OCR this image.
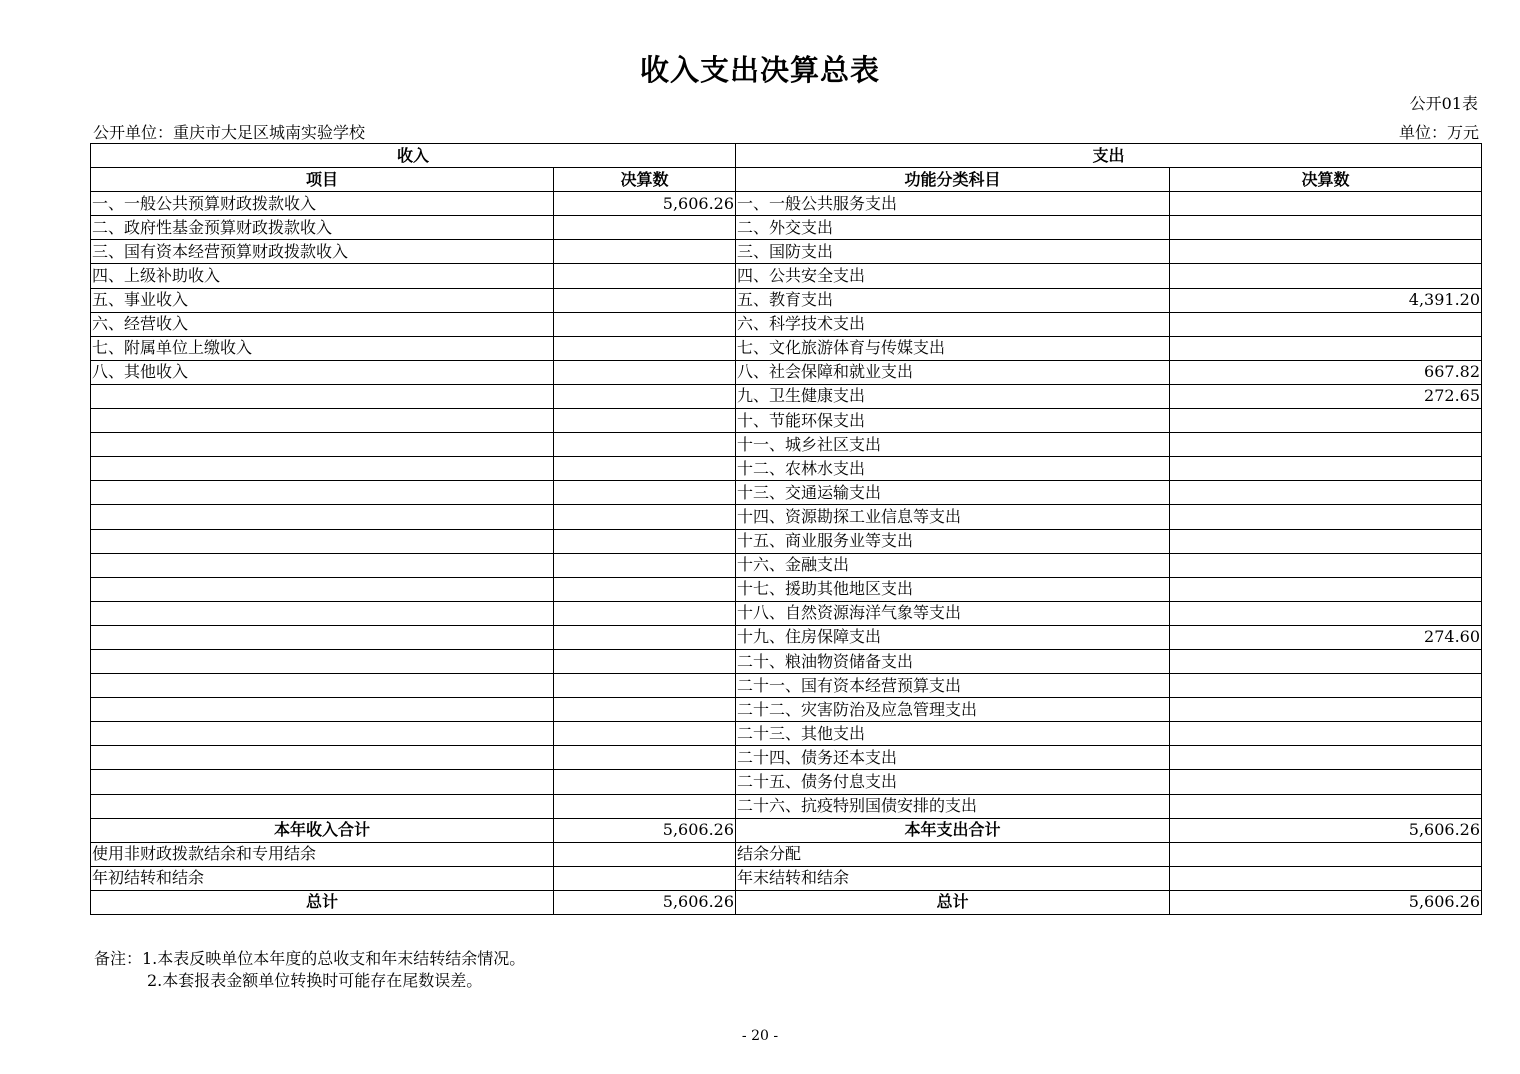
收入支出决算总表
公开01表
公开单位：重庆市大足区城南实验学校	单位：万元
收入		支出	
项目	决算数	功能分类科目	决算数
一、一般公共预算财政拨款收入	5,606.26	一、一般公共服务支出	
二、政府性基金预算财政拨款收入		二、外交支出	
三、国有资本经营预算财政拨款收入		三、国防支出	
四、上级补助收入		四、公共安全支出	
五、事业收入		五、教育支出	4,391.20
六、经营收入		六、科学技术支出	
七、附属单位上缴收入		七、文化旅游体育与传媒支出	
八、其他收入		八、社会保障和就业支出	667.82
		九、卫生健康支出	272.65
		十、节能环保支出	
		十一、城乡社区支出	
		十二、农林水支出	
		十三、交通运输支出	
		十四、资源勘探工业信息等支出	
		十五、商业服务业等支出	
		十六、金融支出	
		十七、援助其他地区支出	
		十八、自然资源海洋气象等支出	
		十九、住房保障支出	274.60
		二十、粮油物资储备支出	
		二十一、国有资本经营预算支出	
		二十二、灾害防治及应急管理支出	
		二十三、其他支出	
		二十四、债务还本支出	
		二十五、债务付息支出	
		二十六、抗疫特别国债安排的支出	
本年收入合计	5,606.26	本年支出合计	5,606.26
使用非财政拨款结余和专用结余		结余分配	
年初结转和结余		年末结转和结余	
总计	5,606.26	总计	5,606.26
备注：1.本表反映单位本年度的总收支和年末结转结余情况。
2.本套报表金额单位转换时可能存在尾数误差。
- 20 -
